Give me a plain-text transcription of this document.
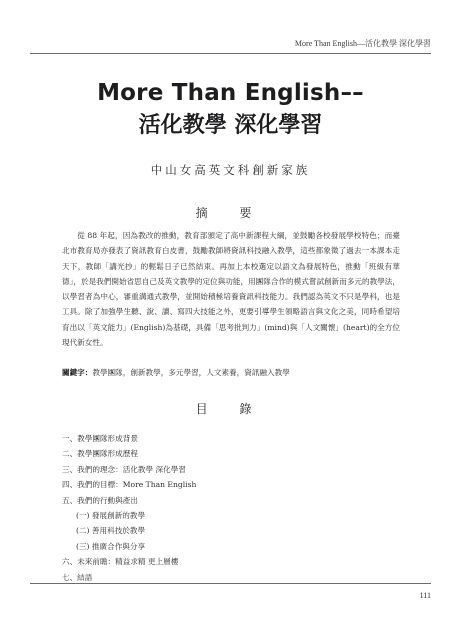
More Than English—活化教學 深化學習
More Than English––
活化教學 深化學習
中山女高英文科創新家族
摘 要

從 88 年起，因為教改的推動，教育部頒定了高中新課程大綱，並鼓勵各校發展學校特色；而臺北市教育局亦發表了資訊教育白皮書，鼓勵教師將資訊科技融入教學，這些都象徵了過去一本課本走天下，教師「講光抄」的輕鬆日子已然結束。再加上本校選定以語文為發展特色，推動「班級有華德」，於是我們開始省思自己及英文教學的定位與功能，用團隊合作的模式嘗試創新而多元的教學法，以學習者為中心，審重溝通式教學，並開始積極培養資訊科技能力。我們認為英文不只是學科，也是工具。除了加強學生聽、說、讀、寫四大技能之外，更要引導學生領略語言與文化之美，同時希望培育出以「英文能力」(English)為基礎，具備「思考批判力」(mind)與「人文關懷」(heart)的全方位現代新女性。

關鍵字：教學團隊，創新教學，多元學習，人文素養，資訊融入教學

目 錄
一、教學團隊形成背景
二、教學團隊形成歷程
三、我們的理念：活化教學 深化學習
四、我們的目標：More Than English
五、我們的行動與產出
(一) 發展創新的教學
(二) 善用科技於教學
(三) 推廣合作與分享
六、未來前瞻：精益求精 更上層樓
七、結語
111
